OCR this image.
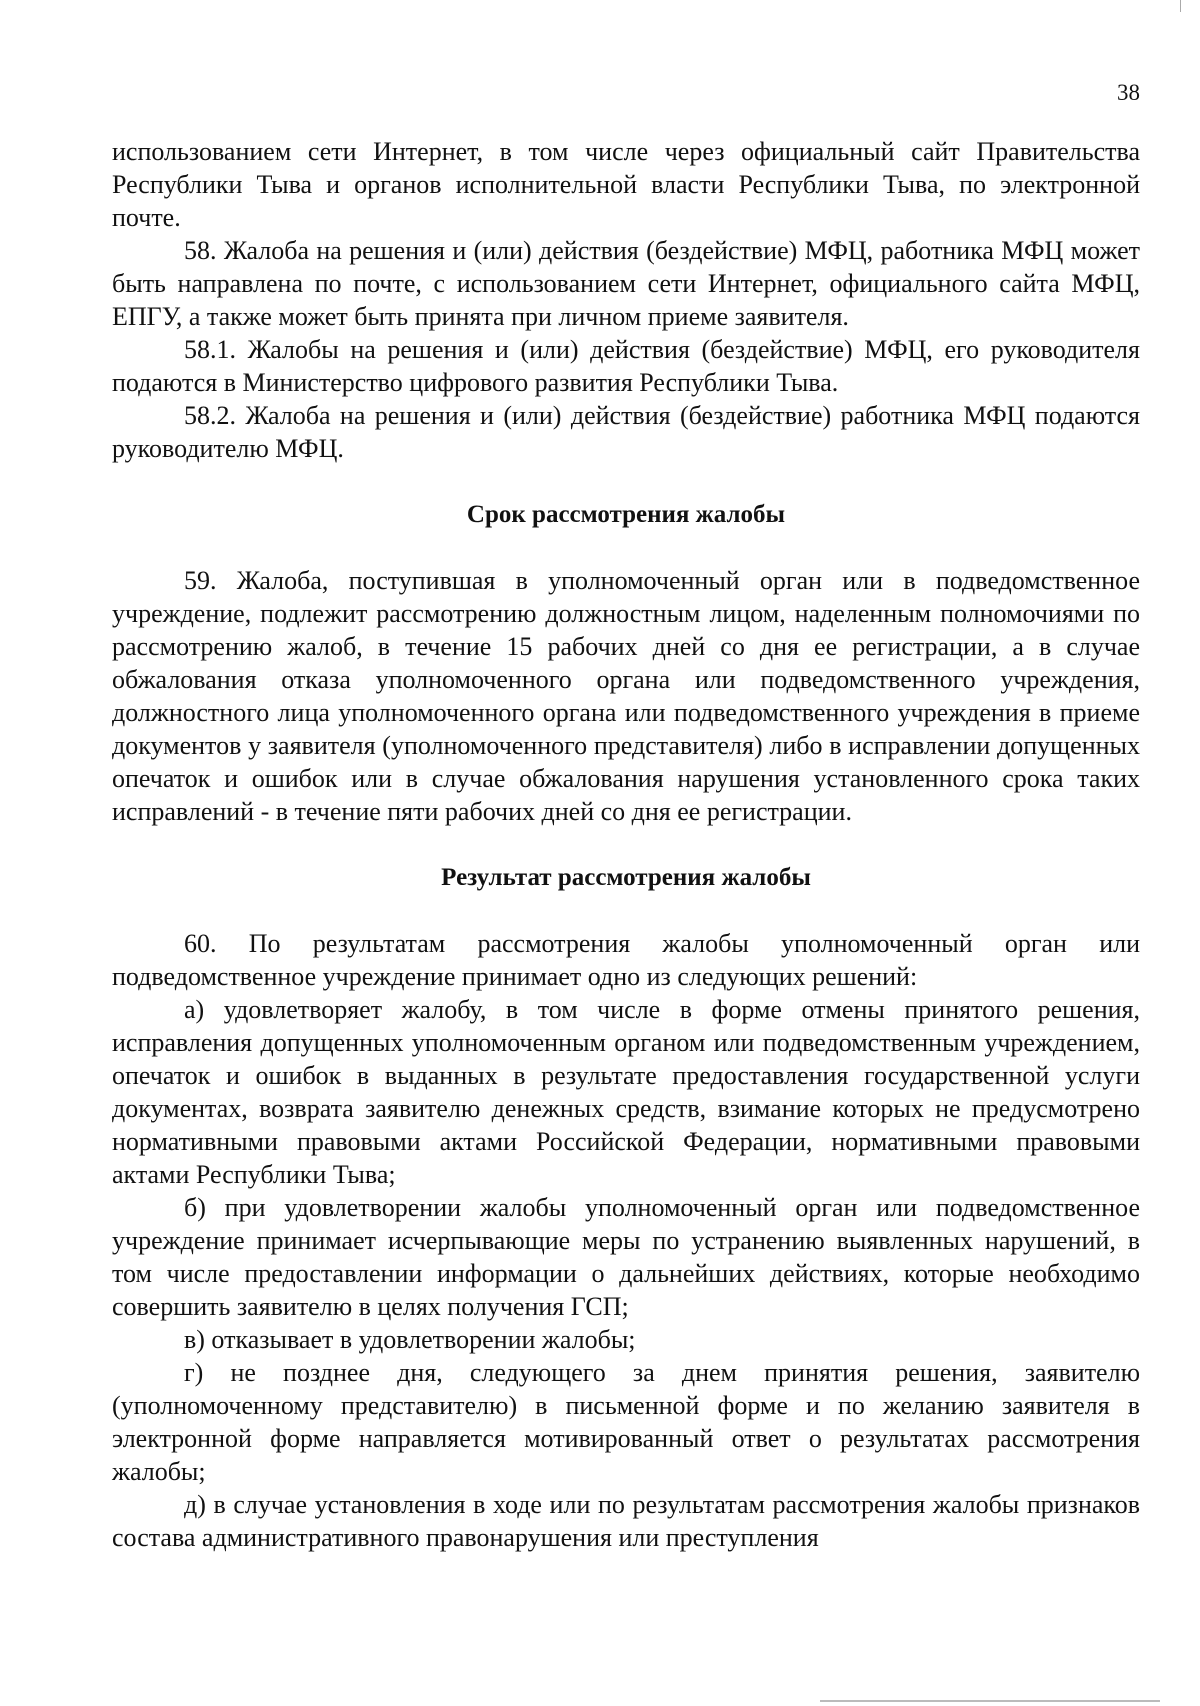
38

использованием сети Интернет, в том числе через официальный сайт Правительства Республики Тыва и органов исполнительной власти Республики Тыва, по электронной почте.

58. Жалоба на решения и (или) действия (бездействие) МФЦ, работника МФЦ может быть направлена по почте, с использованием сети Интернет, официального сайта МФЦ, ЕПГУ, а также может быть принята при личном приеме заявителя.

58.1. Жалобы на решения и (или) действия (бездействие) МФЦ, его руководителя подаются в Министерство цифрового развития Республики Тыва.

58.2. Жалоба на решения и (или) действия (бездействие) работника МФЦ подаются руководителю МФЦ.

Срок рассмотрения жалобы

59. Жалоба, поступившая в уполномоченный орган или в подведомственное учреждение, подлежит рассмотрению должностным лицом, наделенным полномочиями по рассмотрению жалоб, в течение 15 рабочих дней со дня ее регистрации, а в случае обжалования отказа уполномоченного органа или подведомственного учреждения, должностного лица уполномоченного органа или подведомственного учреждения в приеме документов у заявителя (уполномоченного представителя) либо в исправлении допущенных опечаток и ошибок или в случае обжалования нарушения установленного срока таких исправлений - в течение пяти рабочих дней со дня ее регистрации.

Результат рассмотрения жалобы

60. По результатам рассмотрения жалобы уполномоченный орган или подведомственное учреждение принимает одно из следующих решений:

а) удовлетворяет жалобу, в том числе в форме отмены принятого решения, исправления допущенных уполномоченным органом или подведомственным учреждением, опечаток и ошибок в выданных в результате предоставления государственной услуги документах, возврата заявителю денежных средств, взимание которых не предусмотрено нормативными правовыми актами Российской Федерации, нормативными правовыми актами Республики Тыва;

б) при удовлетворении жалобы уполномоченный орган или подведомственное учреждение принимает исчерпывающие меры по устранению выявленных нарушений, в том числе предоставлении информации о дальнейших действиях, которые необходимо совершить заявителю в целях получения ГСП;

в) отказывает в удовлетворении жалобы;

г) не позднее дня, следующего за днем принятия решения, заявителю (уполномоченному представителю) в письменной форме и по желанию заявителя в электронной форме направляется мотивированный ответ о результатах рассмотрения жалобы;

д) в случае установления в ходе или по результатам рассмотрения жалобы признаков состава административного правонарушения или преступления
